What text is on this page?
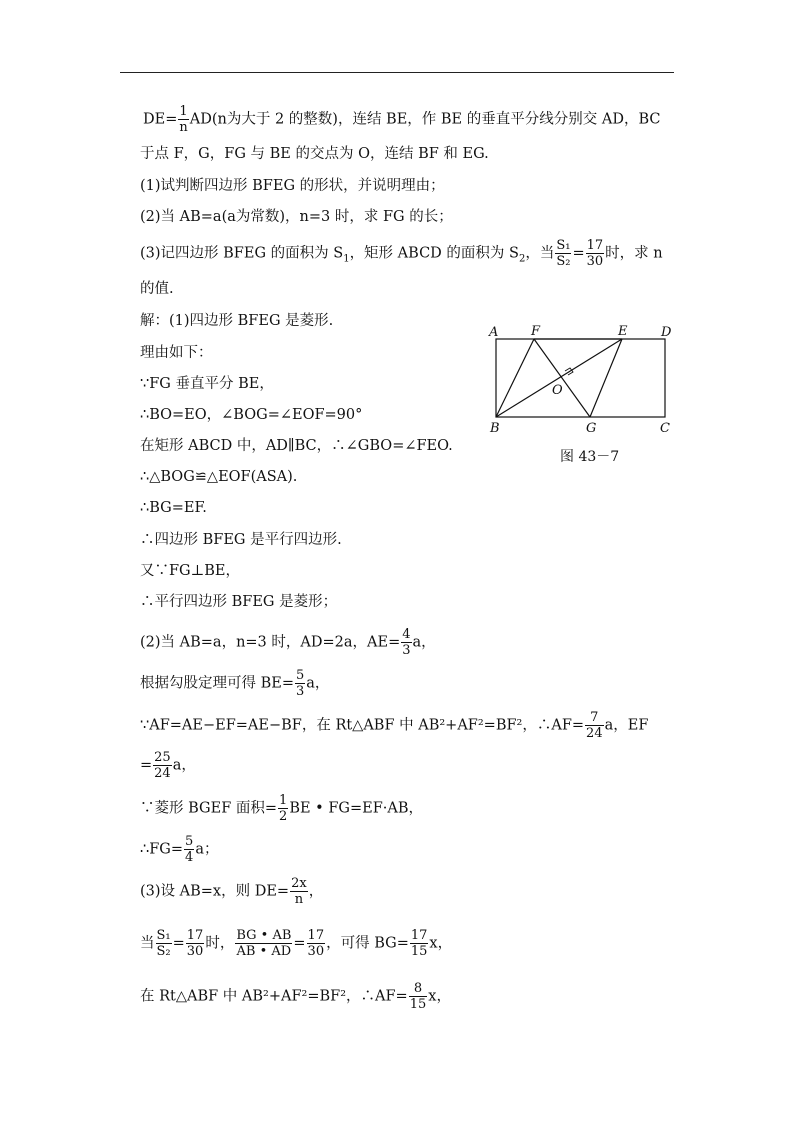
$DE= \frac{1}{n} AD(n$为大于 2 的整数)，连结 BE，作 BE 的垂直平分线分别交 AD，BC
于点 F，G，FG 与 BE 的交点为 O，连结 BF 和 EG.
(1)试判断四边形 BFEG 的形状，并说明理由；
(2)当 AB=a(a为常数)，n=3 时，求 FG 的长；
(3)记四边形 BFEG 的面积为 $S_1$，矩形 ABCD 的面积为 $S_2$，当 $\frac{\text{S₁}}{\text{S₂}} = \frac{17}{30}$ 时，求 n
的值.
解：(1)四边形 BFEG 是菱形.
理由如下：
∵FG 垂直平分 BE，
∴BO=EO，∠BOG=∠EOF=90°
在矩形 ABCD 中，AD∥BC，∴∠GBO=∠FEO.
∴△BOG≌△EOF(ASA).
∴BG=EF.
∴四边形 BFEG 是平行四边形.
又∵FG⊥BE，
∴平行四边形 BFEG 是菱形；
(2)当 AB=a，n=3 时，AD=2a，$AE= \frac{4}{3}$ a，
根据勾股定理可得 $BE= \frac{5}{3}$ a，
∵AF=AE−EF=AE−BF，在 Rt△ABF 中 AB²+AF²=BF²，∴AF= $\frac{7}{24}$ a，EF
= $\frac{25}{24}$ a，
∵菱形 BGEF 面积= $\frac{1}{2}$ BE • FG=EF·AB，
∴FG= $\frac{5}{4}$ a；
(3)设 AB=x，则 $DE= \frac{2x}{n}$ ，
当 $\frac{\text{S₁}}{\text{S₂}} = \frac{17}{30}$ 时， $\frac{BG • AB}{AB • AD} = \frac{17}{30}$ ，可得 $BG= \frac{17}{15}$ x，
在 Rt△ABF 中 AB²+AF²=BF²，∴AF= $\frac{8}{15}$ x，
A	F	E	D
B	G	C
O
图 43－7
